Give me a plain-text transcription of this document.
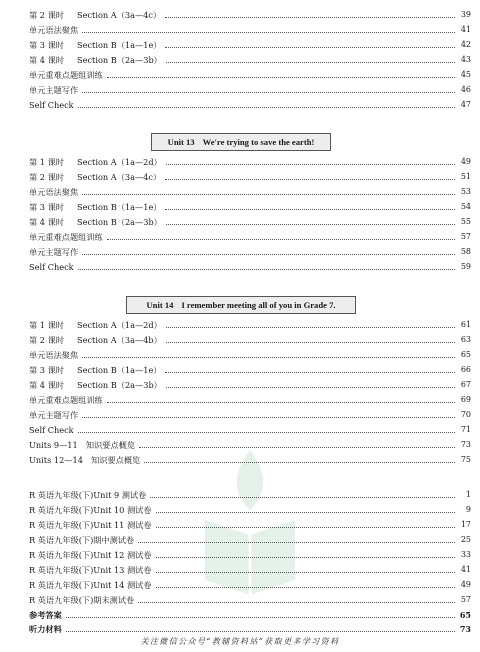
第 2 课时	Section A（3a—4c）	39
单元语法聚焦	41
第 3 课时	Section B（1a—1e）	42
第 4 课时	Section B（2a—3b）	43
单元重难点题组训练	45
单元主题写作	46
Self Check	47
Unit 13 We're trying to save the earth!
第 1 课时	Section A（1a—2d）	49
第 2 课时	Section A（3a—4c）	51
单元语法聚焦	53
第 3 课时	Section B（1a—1e）	54
第 4 课时	Section B（2a—3b）	55
单元重难点题组训练	57
单元主题写作	58
Self Check	59
Unit 14 I remember meeting all of you in Grade 7.
第 1 课时	Section A（1a—2d）	61
第 2 课时	Section A（3a—4b）	63
单元语法聚焦	65
第 3 课时	Section B（1a—1e）	66
第 4 课时	Section B（2a—3b）	67
单元重难点题组训练	69
单元主题写作	70
Self Check	71
Units 9—11　知识要点概览	73
Units 12—14　知识要点概览	75
R 英语九年级(下)Unit 9 测试卷	1
R 英语九年级(下)Unit 10 测试卷	9
R 英语九年级(下)Unit 11 测试卷	17
R 英语九年级(下)期中测试卷	25
R 英语九年级(下)Unit 12 测试卷	33
R 英语九年级(下)Unit 13 测试卷	41
R 英语九年级(下)Unit 14 测试卷	49
R 英语九年级(下)期末测试卷	57
参考答案	65
听力材料	73
关注微信公众号“教辅资料站”获取更多学习资料
